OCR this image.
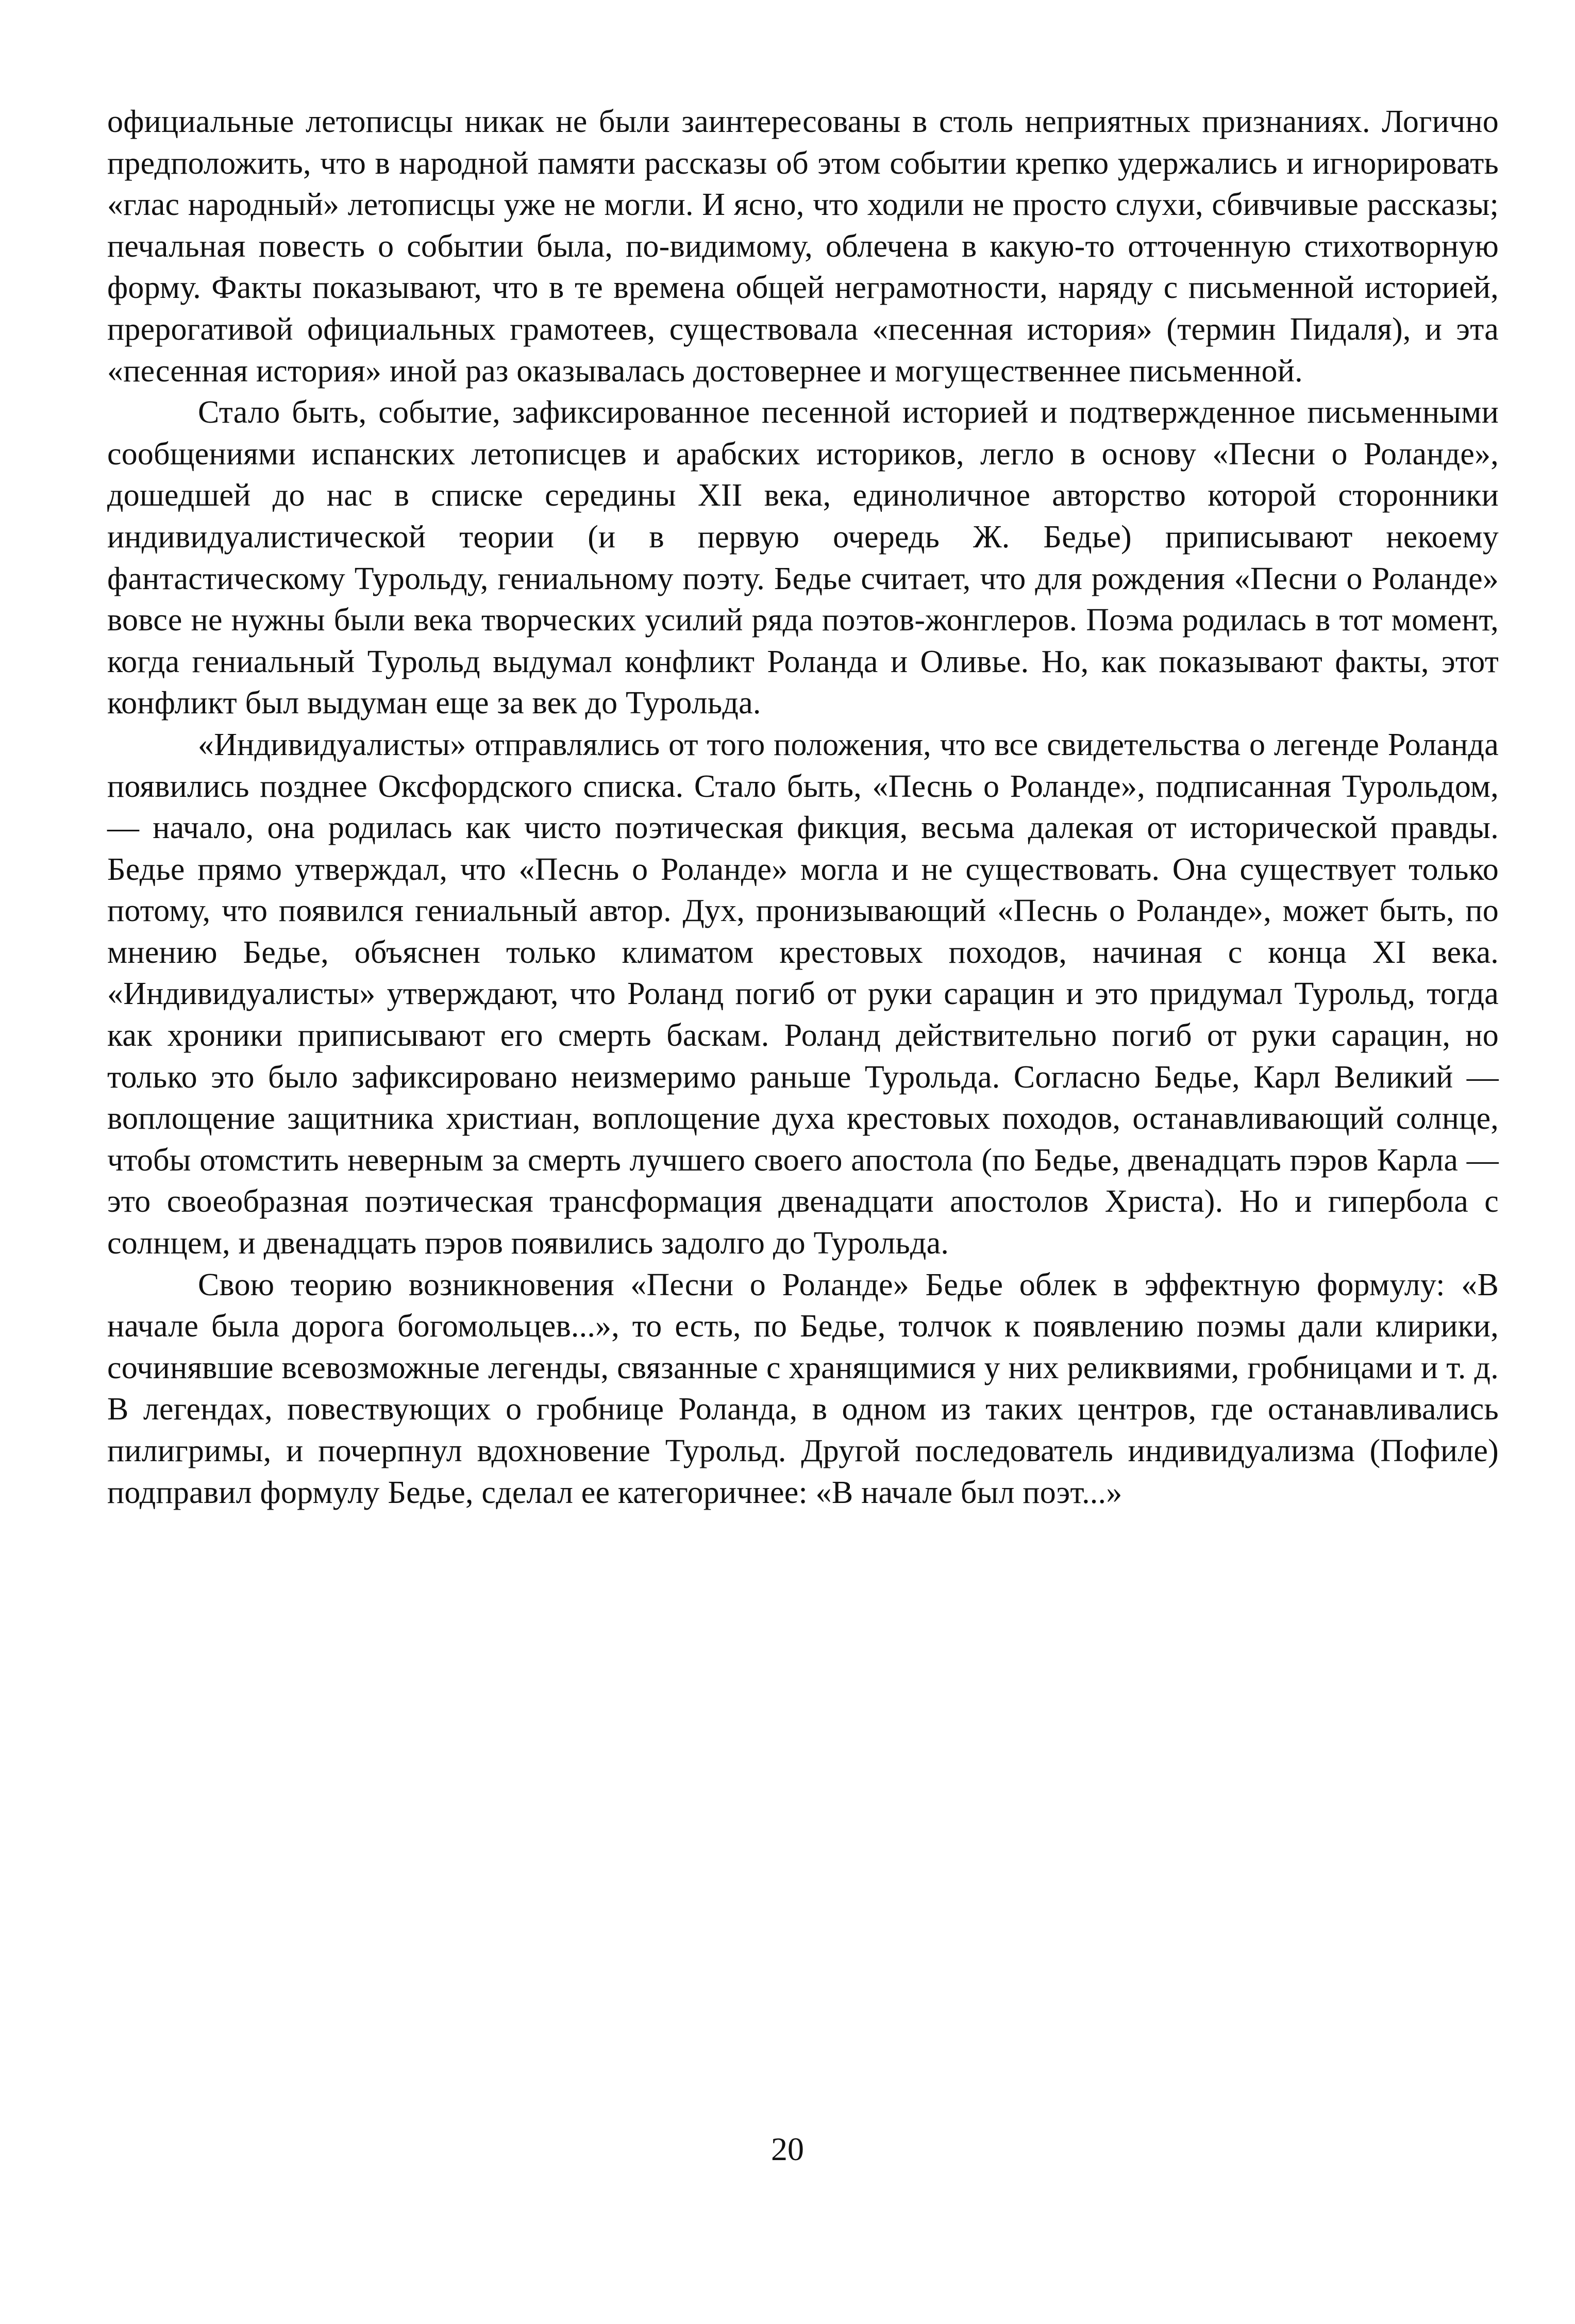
официальные летописцы никак не были заинтересованы в столь неприятных признаниях. Логично предположить, что в народной памяти рассказы об этом событии крепко удержались и игнорировать «глас народный» летописцы уже не могли. И ясно, что ходили не просто слухи, сбивчивые рассказы; печальная повесть о событии была, по-видимому, облечена в какую-то отточенную стихотворную форму. Факты показывают, что в те времена общей неграмотности, наряду с письменной историей, прерогативой официальных грамотеев, существовала «песенная история» (термин Пидаля), и эта «песенная история» иной раз оказывалась достовернее и могущественнее письменной.

Стало быть, событие, зафиксированное песенной историей и подтвержденное письменными сообщениями испанских летописцев и арабских историков, легло в основу «Песни о Роланде», дошедшей до нас в списке середины XII века, единоличное авторство которой сторонники индивидуалистической теории (и в первую очередь Ж. Бедье) приписывают некоему фантастическому Турольду, гениальному поэту. Бедье считает, что для рождения «Песни о Роланде» вовсе не нужны были века творческих усилий ряда поэтов-жонглеров. Поэма родилась в тот момент, когда гениальный Турольд выдумал конфликт Роланда и Оливье. Но, как показывают факты, этот конфликт был выдуман еще за век до Турольда.

«Индивидуалисты» отправлялись от того положения, что все свидетельства о легенде Роланда появились позднее Оксфордского списка. Стало быть, «Песнь о Роланде», подписанная Турольдом,— начало, она родилась как чисто поэтическая фикция, весьма далекая от исторической правды. Бедье прямо утверждал, что «Песнь о Роланде» могла и не существовать. Она существует только потому, что появился гениальный автор. Дух, пронизывающий «Песнь о Роланде», может быть, по мнению Бедье, объяснен только климатом крестовых походов, начиная с конца XI века. «Индивидуалисты» утверждают, что Роланд погиб от руки сарацин и это придумал Турольд, тогда как хроники приписывают его смерть баскам. Роланд действительно погиб от руки сарацин, но только это было зафиксировано неизмеримо раньше Турольда. Согласно Бедье, Карл Великий — воплощение защитника христиан, воплощение духа крестовых походов, останавливающий солнце, чтобы отомстить неверным за смерть лучшего своего апостола (по Бедье, двенадцать пэров Карла — это своеобразная поэтическая трансформация двенадцати апостолов Христа). Но и гипербола с солнцем, и двенадцать пэров появились задолго до Турольда.

Свою теорию возникновения «Песни о Роланде» Бедье облек в эффектную формулу: «В начале была дорога богомольцев...», то есть, по Бедье, толчок к появлению поэмы дали клирики, сочинявшие всевозможные легенды, связанные с хранящимися у них реликвиями, гробницами и т. д. В легендах, повествующих о гробнице Роланда, в одном из таких центров, где останавливались пилигримы, и почерпнул вдохновение Турольд. Другой последователь индивидуализма (Пофиле) подправил формулу Бедье, сделал ее категоричнее: «В начале был поэт...»

20
